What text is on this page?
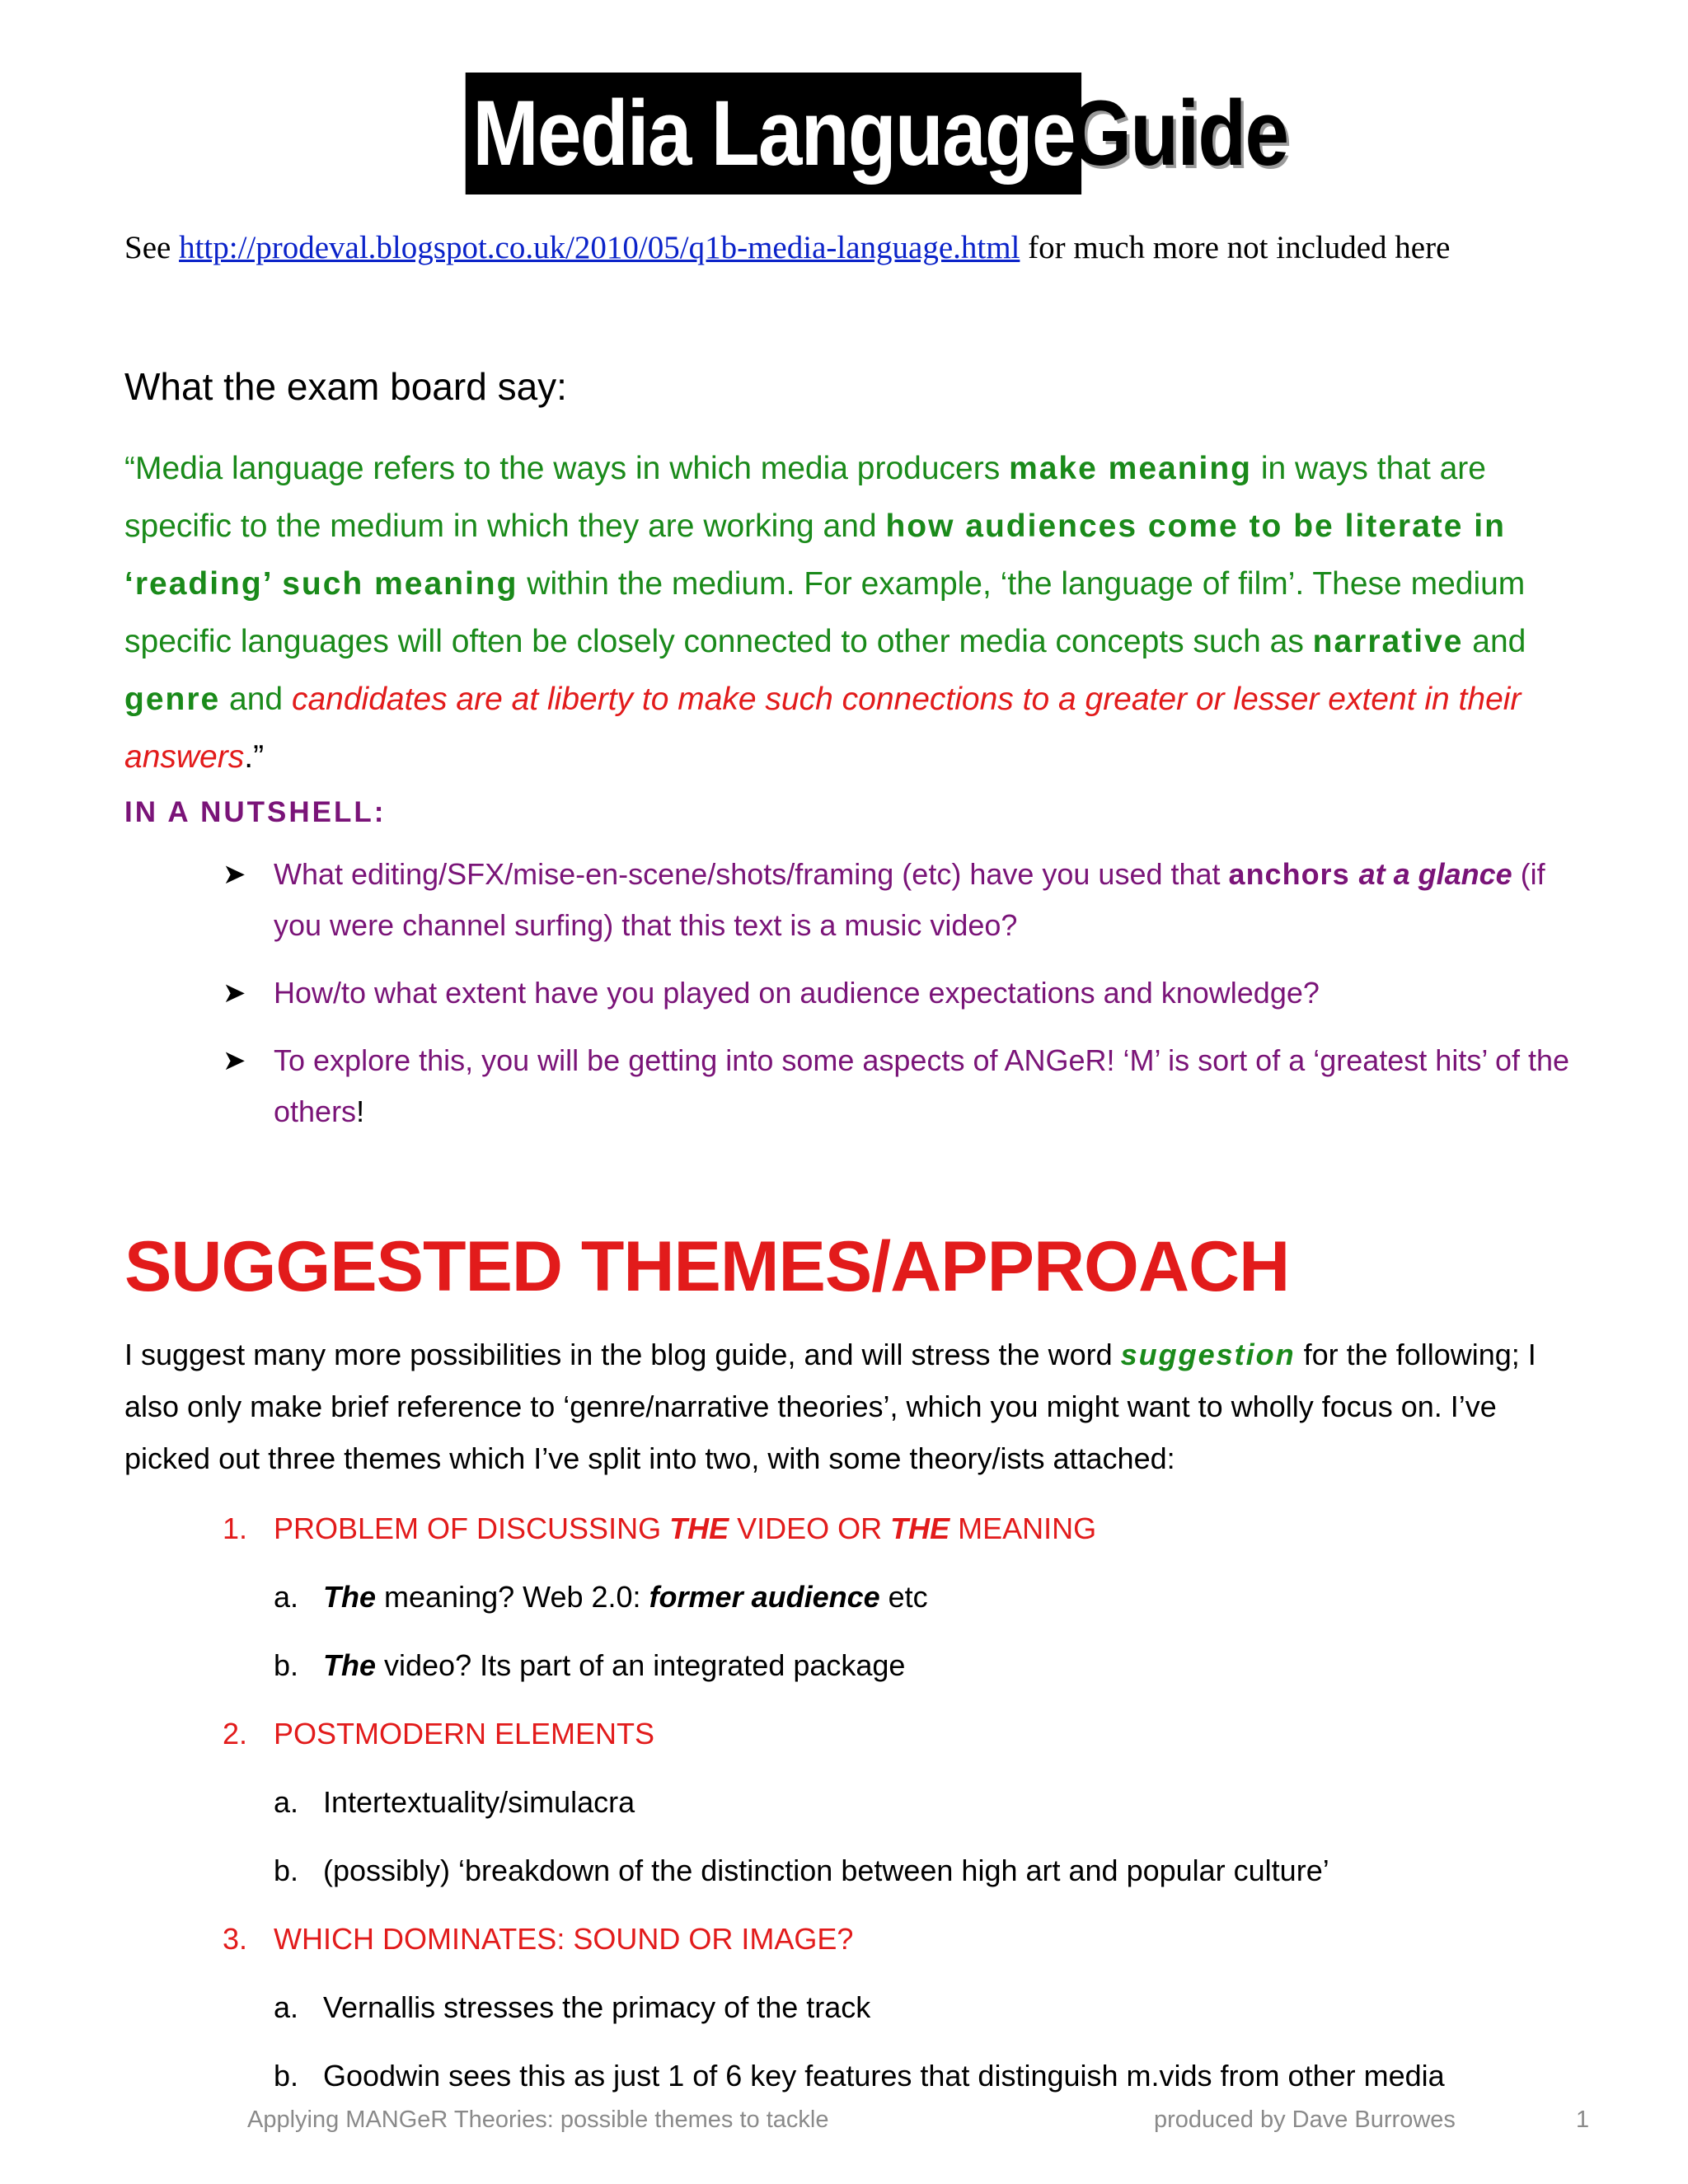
Media Language
Guide
See http://prodeval.blogspot.co.uk/2010/05/q1b-media-language.html for much more not included here
What the exam board say:
“Media language refers to the ways in which media producers make meaning in ways that are specific to the medium in which they are working and how audiences come to be literate in ‘reading’ such meaning within the medium. For example, ‘the language of film’. These medium specific languages will often be closely connected to other media concepts such as narrative and genre and candidates are at liberty to make such connections to a greater or lesser extent in their answers.”
IN A NUTSHELL:
➤ What editing/SFX/mise-en-scene/shots/framing (etc) have you used that anchors at a glance (if you were channel surfing) that this text is a music video?
➤ How/to what extent have you played on audience expectations and knowledge?
➤ To explore this, you will be getting into some aspects of ANGeR! ‘M’ is sort of a ‘greatest hits’ of the others!
SUGGESTED THEMES/APPROACH
I suggest many more possibilities in the blog guide, and will stress the word suggestion for the following; I also only make brief reference to ‘genre/narrative theories’, which you might want to wholly focus on. I’ve picked out three themes which I’ve split into two, with some theory/ists attached:
1. PROBLEM OF DISCUSSING THE VIDEO OR THE MEANING
a. The meaning? Web 2.0: former audience etc
b. The video? Its part of an integrated package
2. POSTMODERN ELEMENTS
a. Intertextuality/simulacra
b. (possibly) ‘breakdown of the distinction between high art and popular culture’
3. WHICH DOMINATES: SOUND OR IMAGE?
a. Vernallis stresses the primacy of the track
b. Goodwin sees this as just 1 of 6 key features that distinguish m.vids from other media
Applying MANGeR Theories: possible themes to tackle	produced by Dave Burrowes	1
